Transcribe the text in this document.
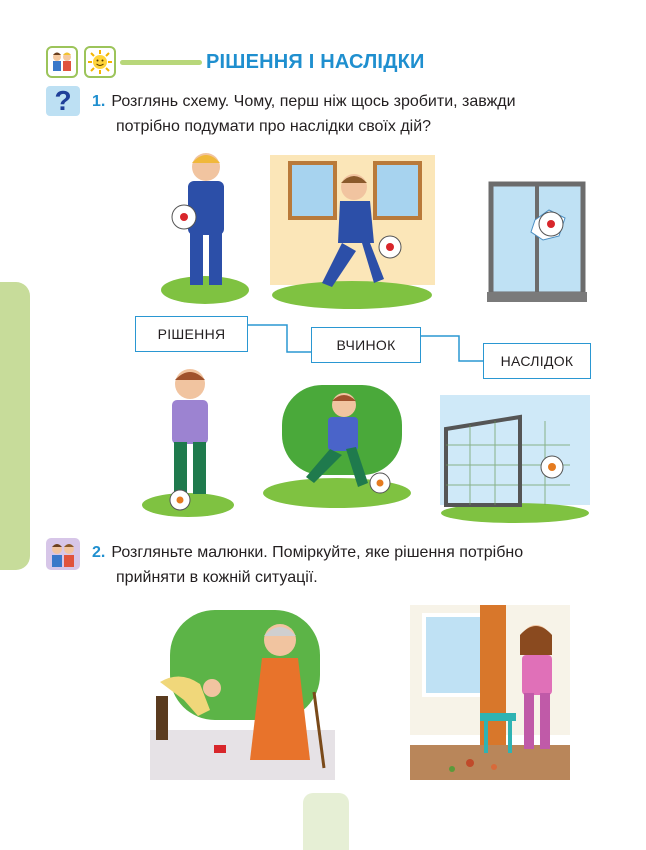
РІШЕННЯ І НАСЛІДКИ
?	1. Розглянь схему. Чому, перш ніж щось зробити, завжди
потрібно подумати про наслідки своїх дій?
РІШЕННЯ
ВЧИНОК
НАСЛІДОК
2. Розгляньте малюнки. Поміркуйте, яке рішення потрібно
прийняти в кожній ситуації.
